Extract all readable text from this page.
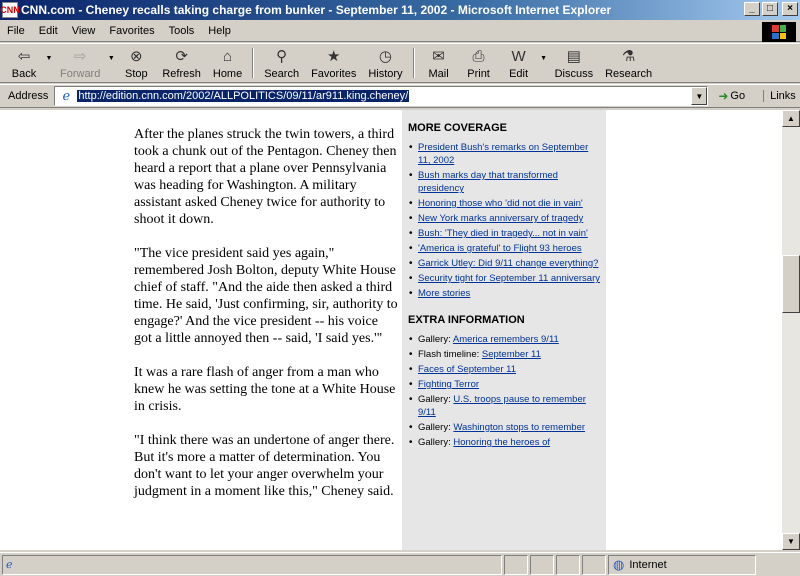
CNN CNN.com - Cheney recalls taking charge from bunker - September 11, 2002 - Microsoft Internet Explorer	_	□	×
File	Edit	View	Favorites	Tools	Help
⇦
Back
▼ ⇨
Forward
▼ ⊗
Stop
⟳
Refresh
⌂
Home
⚲
Search
★
Favorites
◷
History
✉
Mail
⎙
Print
W
Edit
▼ ▤
Discuss
⚗
Research
Address	ℯ http://edition.cnn.com/2002/ALLPOLITICS/09/11/ar911.king.cheney/	▼	➜ Go	Links

After the planes struck the twin towers, a third took a chunk out of the Pentagon. Cheney then heard a report that a plane over Pennsylvania was heading for Washington. A military assistant asked Cheney twice for authority to shoot it down.

"The vice president said yes again," remembered Josh Bolton, deputy White House chief of staff. "And the aide then asked a third time. He said, 'Just confirming, sir, authority to engage?' And the vice president -- his voice got a little annoyed then -- said, 'I said yes.'"

It was a rare flash of anger from a man who knew he was setting the tone at a White House in crisis.

"I think there was an undertone of anger there. But it's more a matter of determination. You don't want to let your anger overwhelm your judgment in a moment like this," Cheney said.

MORE COVERAGE
• President Bush's remarks on September 11, 2002
• Bush marks day that transformed presidency
• Honoring those who 'did not die in vain'
• New York marks anniversary of tragedy
• Bush: 'They died in tragedy... not in vain'
• 'America is grateful' to Flight 93 heroes
• Garrick Utley: Did 9/11 change everything?
• Security tight for September 11 anniversary
• More stories
EXTRA INFORMATION
• Gallery: America remembers 9/11
• Flash timeline: September 11
• Faces of September 11
• Fighting Terror
• Gallery: U.S. troops pause to remember 9/11
• Gallery: Washington stops to remember
• Gallery: Honoring the heroes of
▲
▼
ℯ	◍ Internet
